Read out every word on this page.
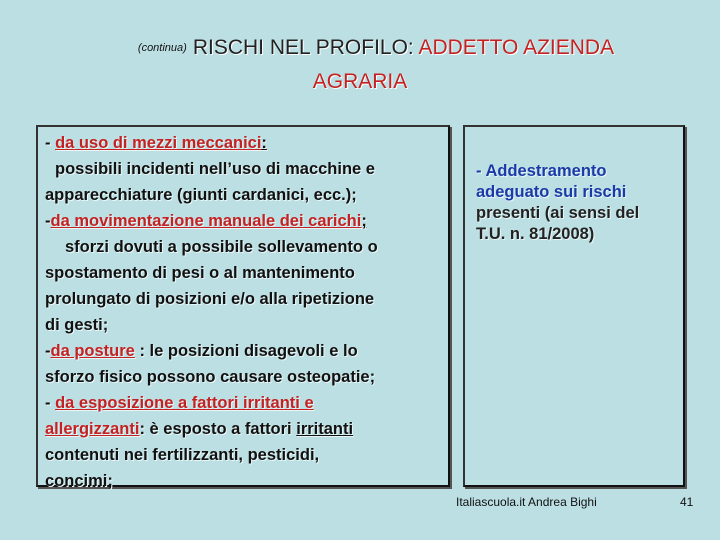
(continua) RISCHI NEL PROFILO: ADDETTO AZIENDA
AGRARIA
- da uso di mezzi meccanici:
possibili incidenti nell’uso di macchine e
apparecchiature (giunti cardanici, ecc.);
-da movimentazione manuale dei carichi;
sforzi dovuti a possibile sollevamento o
spostamento di pesi o al mantenimento
prolungato di posizioni e/o alla ripetizione
di gesti;
-da posture : le posizioni disagevoli e lo
sforzo fisico possono causare osteopatie;
- da esposizione a fattori irritanti e
allergizzanti: è esposto a fattori irritanti
contenuti nei fertilizzanti, pesticidi,
concimi;
- Addestramento
adeguato sui rischi
presenti (ai sensi del
T.U. n. 81/2008)
Italiascuola.it Andrea Bighi	41
